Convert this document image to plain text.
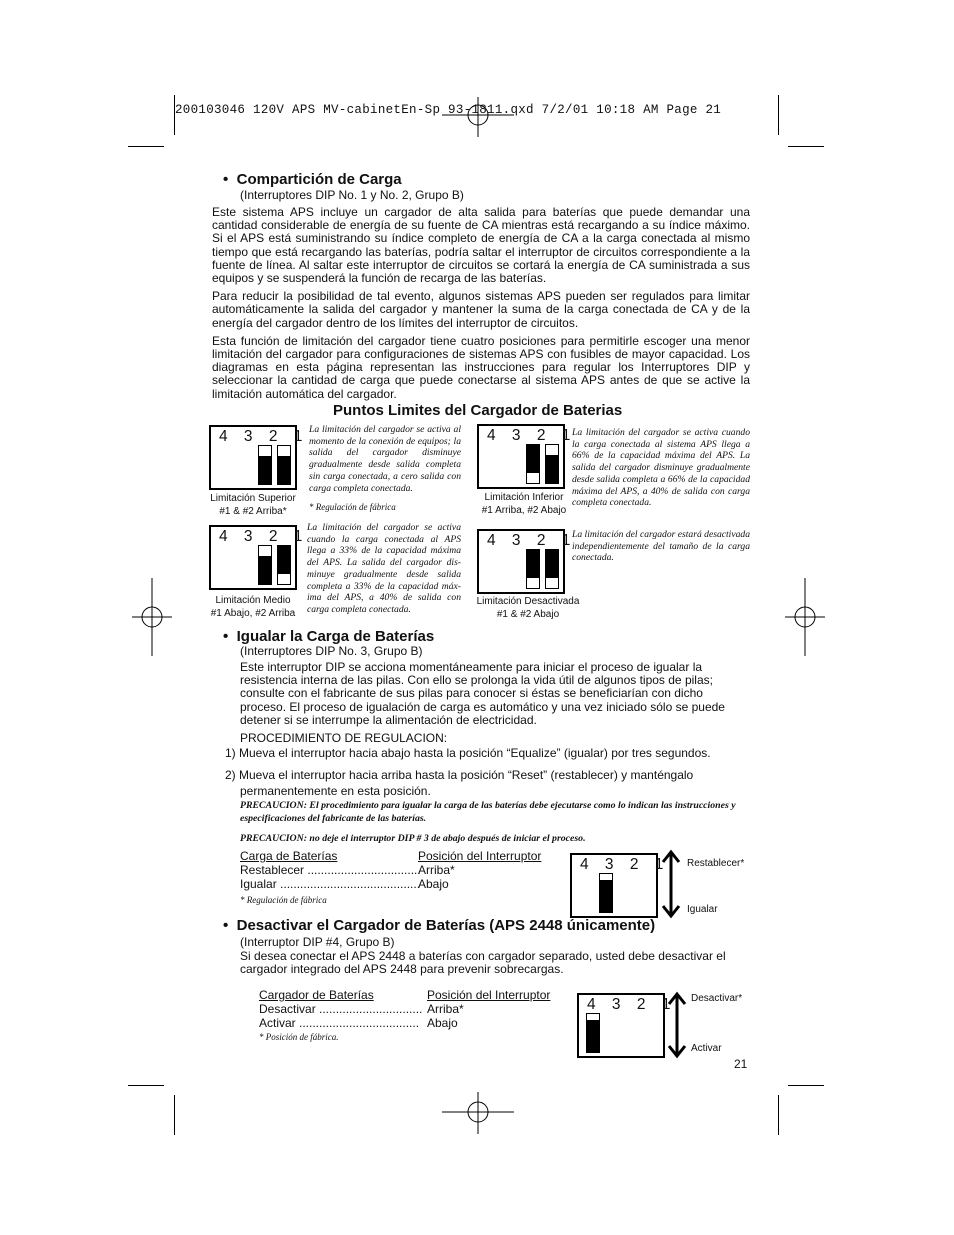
200103046 120V APS MV-cabinetEn-Sp 93-1811.qxd 7/2/01 10:18 AM Page 21
• Compartición de Carga
(Interruptores DIP No. 1 y No. 2, Grupo B)

Este sistema APS incluye un cargador de alta salida para baterías que puede demandar una cantidad considerable de energía de su fuente de CA mientras está recargando a su índice máximo. Si el APS está suministrando su índice completo de energía de CA a la carga conectada al mismo tiempo que está recargando las baterías, podría saltar el interruptor de circuitos correspondiente a la fuente de línea. Al saltar este interruptor de circuitos se cortará la energía de CA suministrada a sus equipos y se suspenderá la función de recarga de las baterías.

Para reducir la posibilidad de tal evento, algunos sistemas APS pueden ser regulados para limitar automáticamente la salida del cargador y mantener la suma de la carga conectada de CA y de la energía del cargador dentro de los límites del interruptor de circuitos.

Esta función de limitación del cargador tiene cuatro posiciones para permitirle escoger una menor limitación del cargador para configuraciones de sistemas APS con fusibles de mayor capacidad. Los diagramas en esta página representan las instrucciones para regular los Interruptores DIP y seleccionar la cantidad de carga que puede conectarse al sistema APS antes de que se active la limitación automática del cargador.

Puntos Limites del Cargador de Baterias
4 3 2 1
Limitación Superior
#1 & #2 Arriba*

La limitación del cargador se activa al momento de la conexión de equipos; la salida del cargador disminuye gradualmente desde salida completa sin carga conectada, a cero salida con carga completa conectada.

* Regulación de fábrica
4 3 2 1
Limitación Inferior
#1 Arriba, #2 Abajo

La limitación del cargador se activa cuando la carga conectada al sistema APS llega a 66% de la capacidad máxima del APS. La salida del cargador disminuye gradualmente desde salida completa a 66% de la capacidad máxima del APS, a 40% de salida con carga completa conectada.

4 3 2 1
Limitación Medio
#1 Abajo, #2 Arriba

La limitación del cargador se activa cuando la carga conectada al APS llega a 33% de la capacidad máxima del APS. La salida del cargador dis- minuye gradualmente desde salida completa a 33% de la capacidad máx- ima del APS, a 40% de salida con carga completa conectada.

4 3 2 1
Limitación Desactivada
#1 & #2 Abajo

La limitación del cargador estará desactivada independientemente del tamaño de la carga conectada.

• Igualar la Carga de Baterías
(Interruptores DIP No. 3, Grupo B)

Este interruptor DIP se acciona momentáneamente para iniciar el proceso de igualar la resistencia interna de las pilas. Con ello se prolonga la vida útil de algunos tipos de pilas; consulte con el fabricante de sus pilas para conocer si éstas se beneficiarían con dicho proceso. El proceso de igualación de carga es automático y una vez iniciado sólo se puede detener si se interrumpe la alimentación de electricidad.

PROCEDIMIENTO DE REGULACION:
1) Mueva el interruptor hacia abajo hasta la posición “Equalize” (igualar) por tres segundos.
2) Mueva el interruptor hacia arriba hasta la posición “Reset” (restablecer) y manténgalo
permanentemente en esta posición.

PRECAUCION: El procedimiento para igualar la carga de las baterías debe ejecutarse como lo indican las instrucciones y especificaciones del fabricante de las baterías.

PRECAUCION: no deje el interruptor DIP # 3 de abajo después de iniciar el proceso.
Carga de Baterías	Posición del Interruptor
Restablecer ..................................
Arriba*
Igualar ..........................................
Abajo
* Regulación de fábrica
4 3 2 1 Restablecer*
Igualar
• Desactivar el Cargador de Baterías (APS 2448 únicamente)
(Interruptor DIP #4, Grupo B)

Si desea conectar el APS 2448 a baterías con cargador separado, usted debe desactivar el cargador integrado del APS 2448 para prevenir sobrecargas.

Cargador de Baterías	Posición del Interruptor
Desactivar ............................... Arriba*
Activar .................................... Abajo
* Posición de fábrica.
4 3 2 1 Desactivar*
Activar
21
